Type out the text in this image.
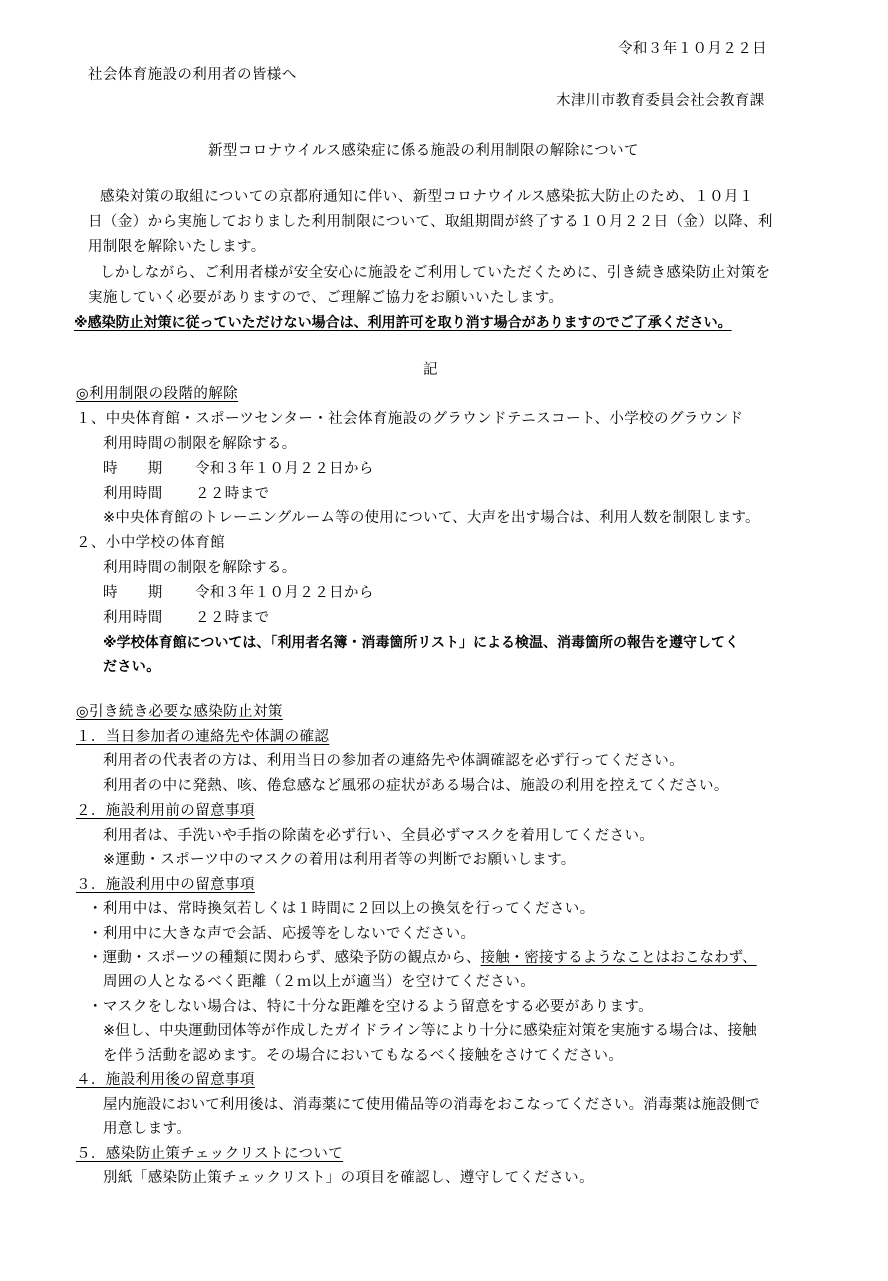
令和３年１０月２２日
社会体育施設の利用者の皆様へ
木津川市教育委員会社会教育課
新型コロナウイルス感染症に係る施設の利用制限の解除について
感染対策の取組についての京都府通知に伴い、新型コロナウイルス感染拡大防止のため、１０月１
日（金）から実施しておりました利用制限について、取組期間が終了する１０月２２日（金）以降、利
用制限を解除いたします。
しかしながら、ご利用者様が安全安心に施設をご利用していただくために、引き続き感染防止対策を
実施していく必要がありますので、ご理解ご協力をお願いいたします。
※感染防止対策に従っていただけない場合は、利用許可を取り消す場合がありますのでご了承ください。
記
◎利用制限の段階的解除
１、中央体育館・スポーツセンター・社会体育施設のグラウンドテニスコート、小学校のグラウンド
利用時間の制限を解除する。
時　　期 令和３年１０月２２日から
利用時間 ２２時まで
※中央体育館のトレーニングルーム等の使用について、大声を出す場合は、利用人数を制限します。
２、小中学校の体育館
利用時間の制限を解除する。
時　　期 令和３年１０月２２日から
利用時間 ２２時まで
※学校体育館については、「利用者名簿・消毒箇所リスト」による検温、消毒箇所の報告を遵守してく
ださい。
◎引き続き必要な感染防止対策
１．当日参加者の連絡先や体調の確認
利用者の代表者の方は、利用当日の参加者の連絡先や体調確認を必ず行ってください。
利用者の中に発熱、咳、倦怠感など風邪の症状がある場合は、施設の利用を控えてください。
２．施設利用前の留意事項
利用者は、手洗いや手指の除菌を必ず行い、全員必ずマスクを着用してください。
※運動・スポーツ中のマスクの着用は利用者等の判断でお願いします。
３．施設利用中の留意事項
・利用中は、常時換気若しくは１時間に２回以上の換気を行ってください。
・利用中に大きな声で会話、応援等をしないでください。
・運動・スポーツの種類に関わらず、感染予防の観点から、接触・密接するようなことはおこなわず、
周囲の人となるべく距離（２ｍ以上が適当）を空けてください。
・マスクをしない場合は、特に十分な距離を空けるよう留意をする必要があります。
※但し、中央運動団体等が作成したガイドライン等により十分に感染症対策を実施する場合は、接触
を伴う活動を認めます。その場合においてもなるべく接触をさけてください。
４．施設利用後の留意事項
屋内施設において利用後は、消毒薬にて使用備品等の消毒をおこなってください。消毒薬は施設側で
用意します。
５．感染防止策チェックリストについて
別紙「感染防止策チェックリスト」の項目を確認し、遵守してください。
